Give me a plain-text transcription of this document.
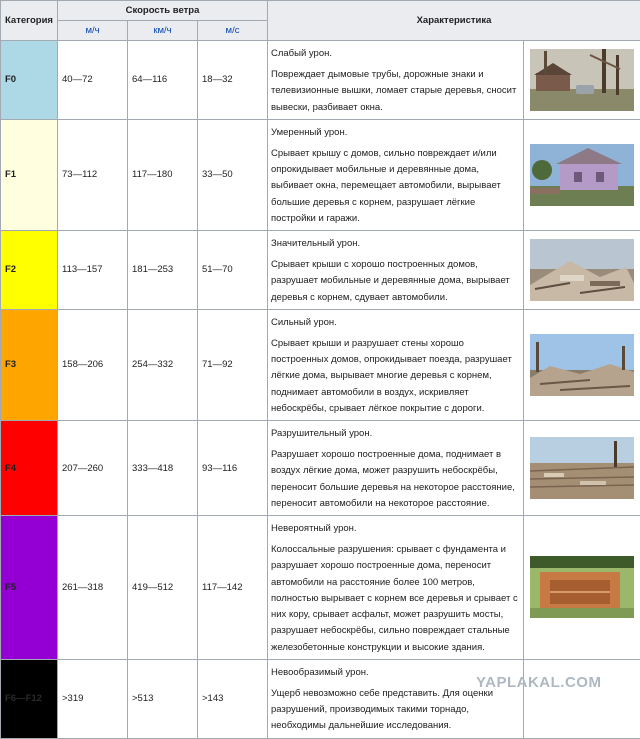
Категория	Скорость ветра			Характеристика	
	м/ч	км/ч	м/с		
F0	40—72	64—116	18—32	Слабый урон.

Повреждает дымовые трубы, дорожные знаки и телевизионные вышки, ломает старые деревья, сносит вывески, разбивает окна.

F1	73—112	117—180	33—50	Умеренный урон.

Срывает крышу с домов, сильно повреждает и/или опрокидывает мобильные и деревянные дома, выбивает окна, перемещает автомобили, вырывает большие деревья с корнем, разрушает лёгкие постройки и гаражи.

F2	113—157	181—253	51—70	Значительный урон.

Срывает крыши с хорошо построенных домов, разрушает мобильные и деревянные дома, вырывает деревья с корнем, сдувает автомобили.

F3	158—206	254—332	71—92	Сильный урон.

Срывает крыши и разрушает стены хорошо построенных домов, опрокидывает поезда, разрушает лёгкие дома, вырывает многие деревья с корнем, поднимает автомобили в воздух, искривляет небоскрёбы, срывает лёгкое покрытие с дороги.

F4	207—260	333—418	93—116	Разрушительный урон.

Разрушает хорошо построенные дома, поднимает в воздух лёгкие дома, может разрушить небоскрёбы, переносит большие деревья на некоторое расстояние, переносит автомобили на некоторое расстояние.

F5	261—318	419—512	117—142	Невероятный урон.

Колоссальные разрушения: срывает с фундамента и разрушает хорошо построенные дома, переносит автомобили на расстояние более 100 метров, полностью вырывает с корнем все деревья и срывает с них кору, срывает асфальт, может разрушить мосты, разрушает небоскрёбы, сильно повреждает стальные железобетонные конструкции и высокие здания.

F6—F12	>319	>513	>143	Невообразимый урон.

Ущерб невозможно себе представить. Для оценки разрушений, производимых такими торнадо, необходимы дальнейшие исследования.	

YAPLAKAL.COM
